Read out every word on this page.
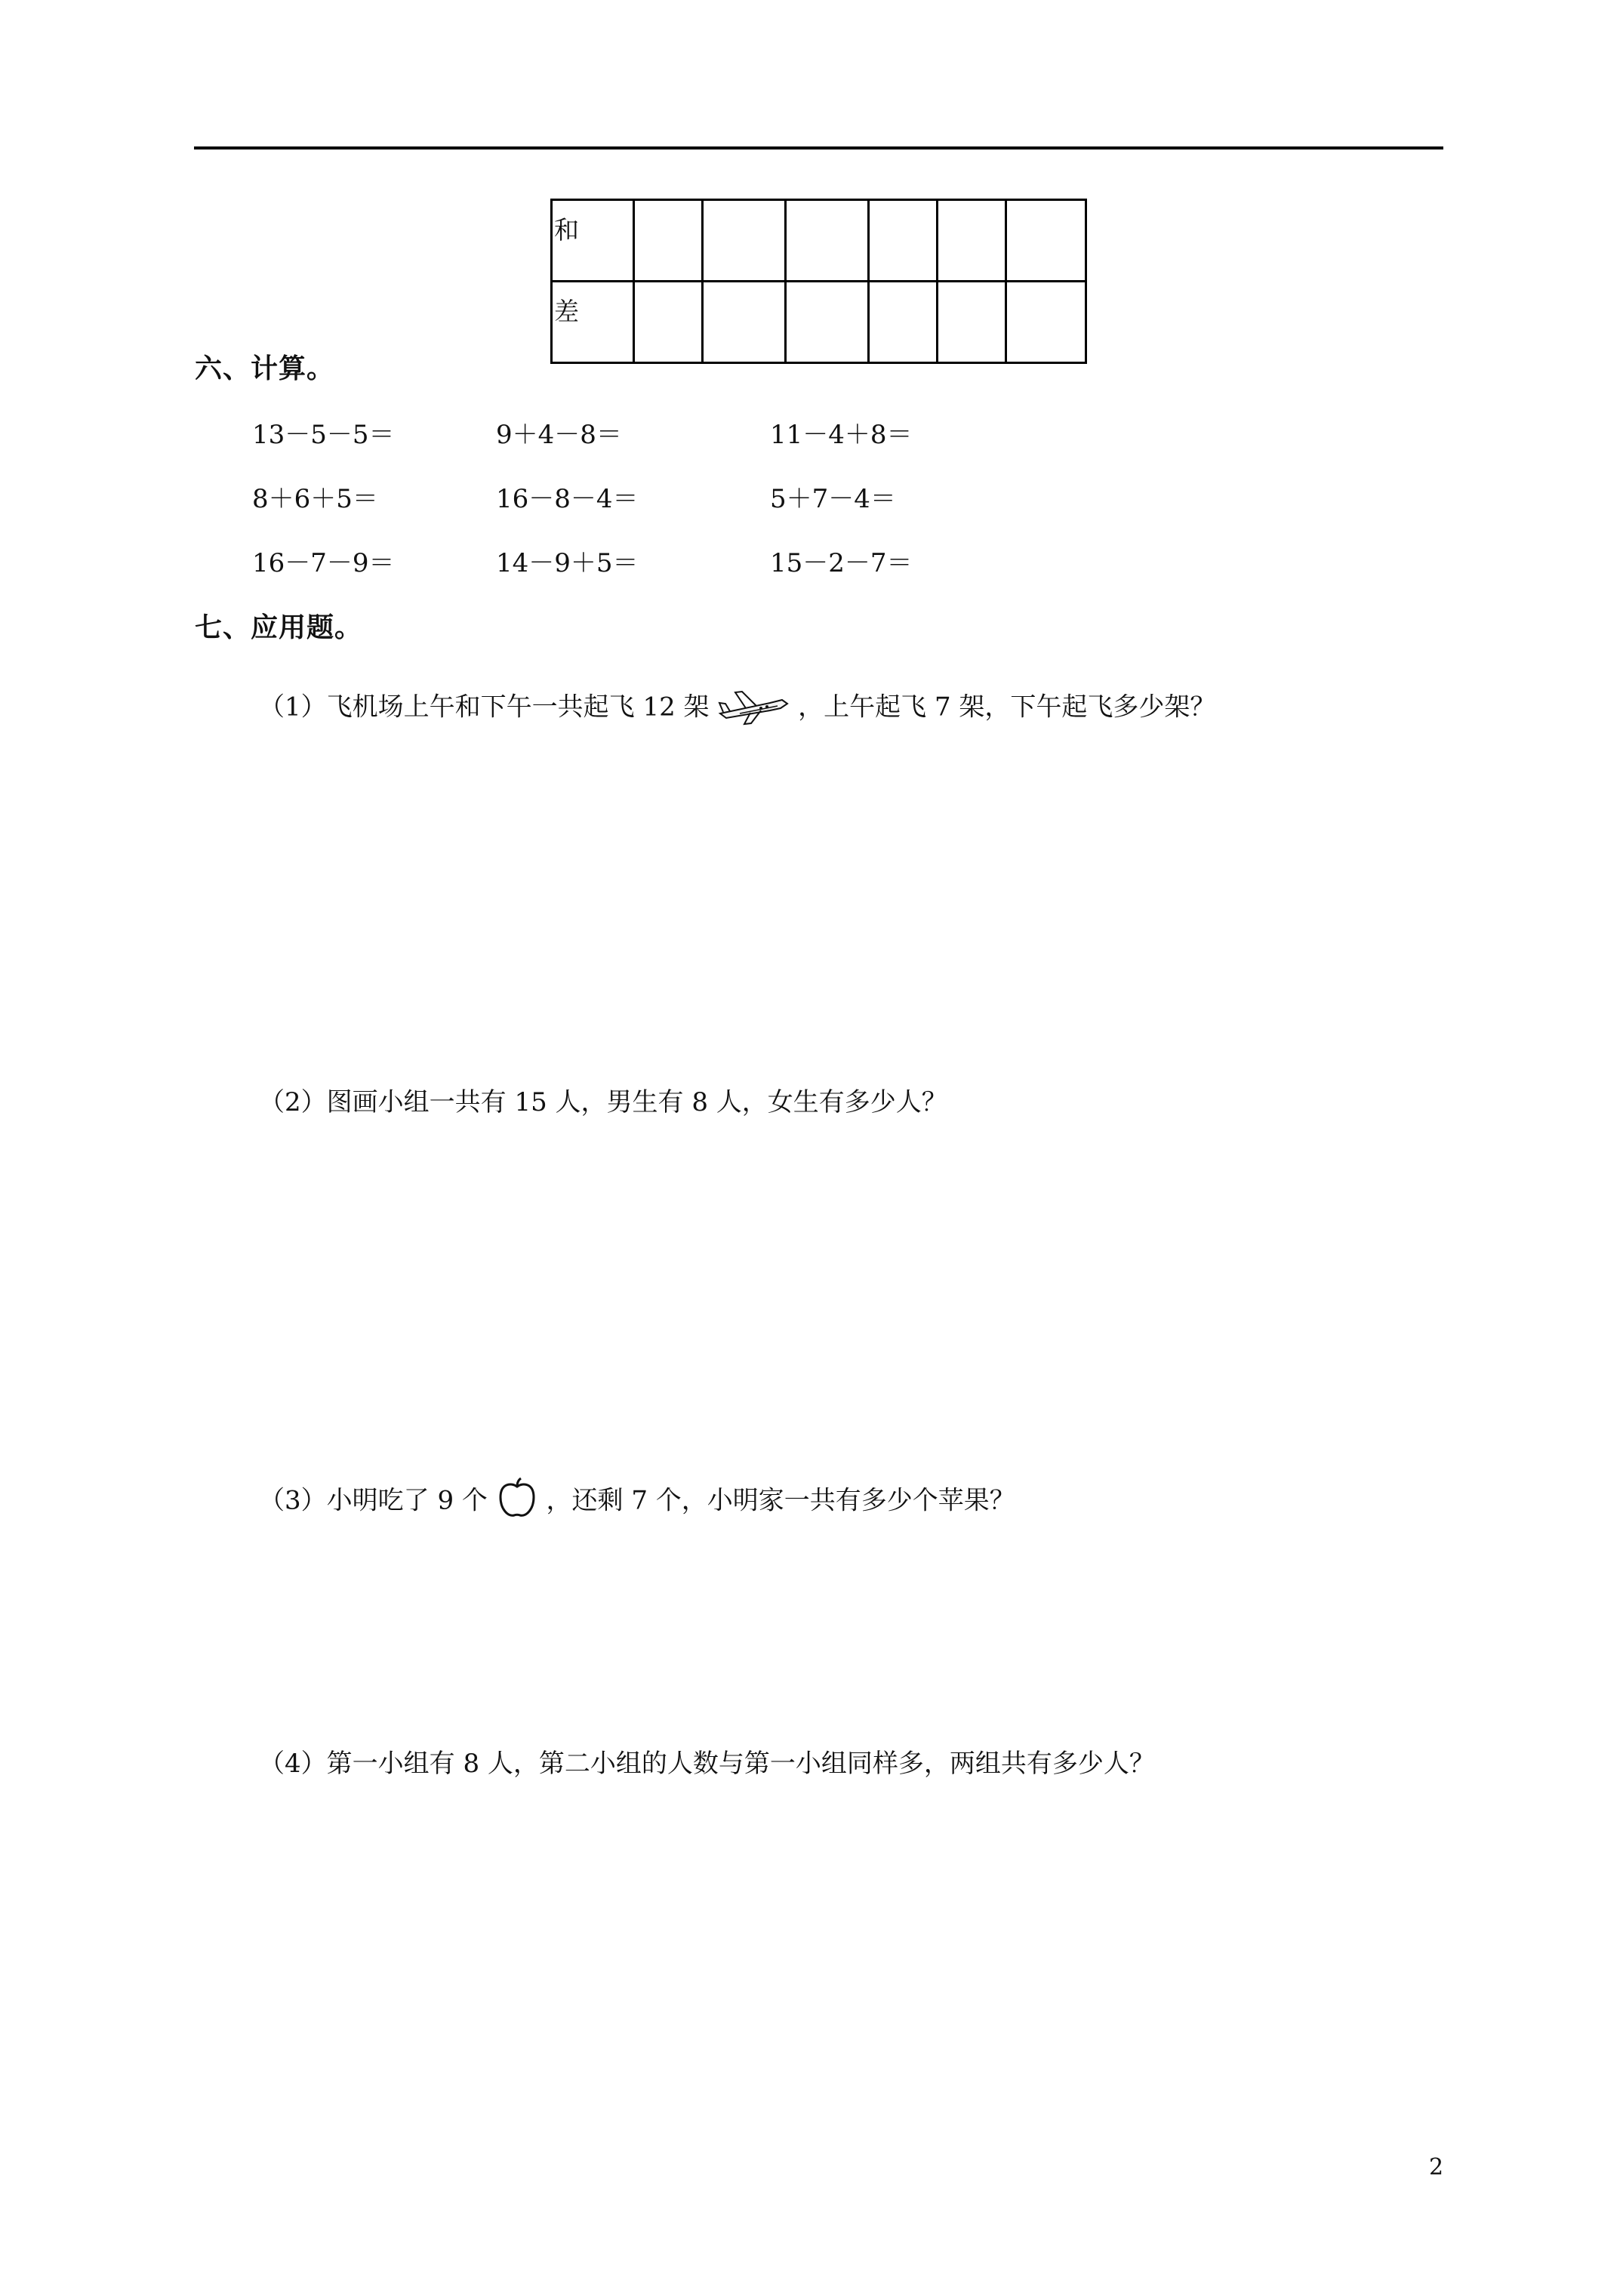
和						
差						
六、计算。
13－5－5＝	9＋4－8＝	11－4＋8＝
8＋6＋5＝	16－8－4＝	5＋7－4＝
16－7－9＝	14－9＋5＝	15－2－7＝
七、应用题。
（1）飞机场上午和下午一共起飞 12 架	，上午起飞 7 架，下午起飞多少架？
（2）图画小组一共有 15 人，男生有 8 人，女生有多少人？
（3）小明吃了 9 个 ，还剩 7 个，小明家一共有多少个苹果？
（4）第一小组有 8 人，第二小组的人数与第一小组同样多，两组共有多少人？
2
